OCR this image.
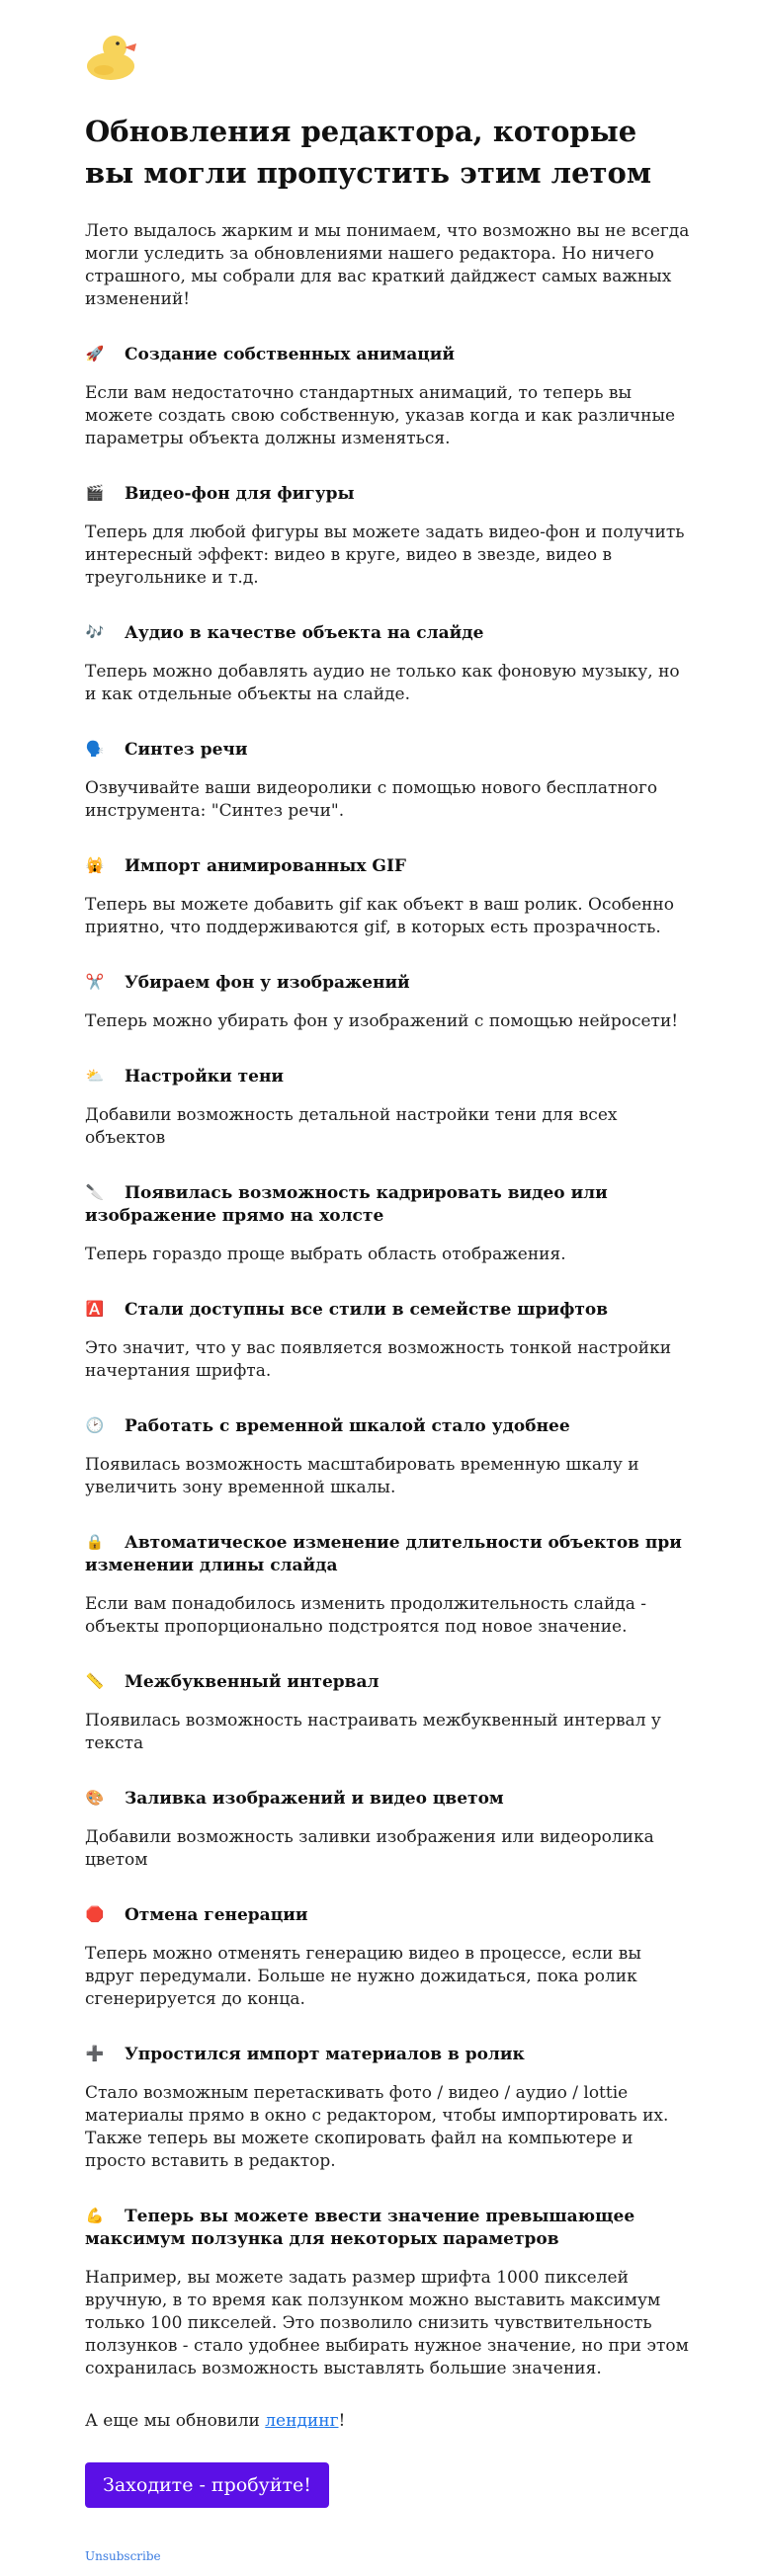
Обновления редактора, которые вы могли пропустить этим летом

Лето выдалось жарким и мы понимаем, что возможно вы не всегда могли уследить за обновлениями нашего редактора. Но ничего страшного, мы собрали для вас краткий дайджест самых важных изменений!

🚀 Создание собственных анимаций

Если вам недостаточно стандартных анимаций, то теперь вы можете создать свою собственную, указав когда и как различные параметры объекта должны изменяться.

🎬 Видео-фон для фигуры

Теперь для любой фигуры вы можете задать видео-фон и получить интересный эффект: видео в круге, видео в звезде, видео в треугольнике и т.д.

🎶 Аудио в качестве объекта на слайде

Теперь можно добавлять аудио не только как фоновую музыку, но и как отдельные объекты на слайде.

🗣️ Синтез речи

Озвучивайте ваши видеоролики с помощью нового бесплатного инструмента: "Синтез речи".

🙀 Импорт анимированных GIF

Теперь вы можете добавить gif как объект в ваш ролик. Особенно приятно, что поддерживаются gif, в которых есть прозрачность.

✂️ Убираем фон у изображений

Теперь можно убирать фон у изображений с помощью нейросети!

⛅ Настройки тени

Добавили возможность детальной настройки тени для всех объектов

🔪 Появилась возможность кадрировать видео или изображение прямо на холсте

Теперь гораздо проще выбрать область отображения.

🅰️ Стали доступны все стили в семействе шрифтов

Это значит, что у вас появляется возможность тонкой настройки начертания шрифта.

🕑 Работать с временной шкалой стало удобнее

Появилась возможность масштабировать временную шкалу и увеличить зону временной шкалы.

🔒 Автоматическое изменение длительности объектов при изменении длины слайда

Если вам понадобилось изменить продолжительность слайда - объекты пропорционально подстроятся под новое значение.

📏 Межбуквенный интервал

Появилась возможность настраивать межбуквенный интервал у текста

🎨 Заливка изображений и видео цветом

Добавили возможность заливки изображения или видеоролика цветом

🛑 Отмена генерации

Теперь можно отменять генерацию видео в процессе, если вы вдруг передумали. Больше не нужно дожидаться, пока ролик сгенерируется до конца.

➕ Упростился импорт материалов в ролик

Стало возможным перетаскивать фото / видео / аудио / lottie материалы прямо в окно с редактором, чтобы импортировать их. Также теперь вы можете скопировать файл на компьютере и просто вставить в редактор.

💪 Теперь вы можете ввести значение превышающее максимум ползунка для некоторых параметров

Например, вы можете задать размер шрифта 1000 пикселей вручную, в то время как ползунком можно выставить максимум только 100 пикселей. Это позволило снизить чувствительность ползунков - стало удобнее выбирать нужное значение, но при этом сохранилась возможность выставлять большие значения.

А еще мы обновили лендинг!

Заходите - пробуйте!
Unsubscribe
